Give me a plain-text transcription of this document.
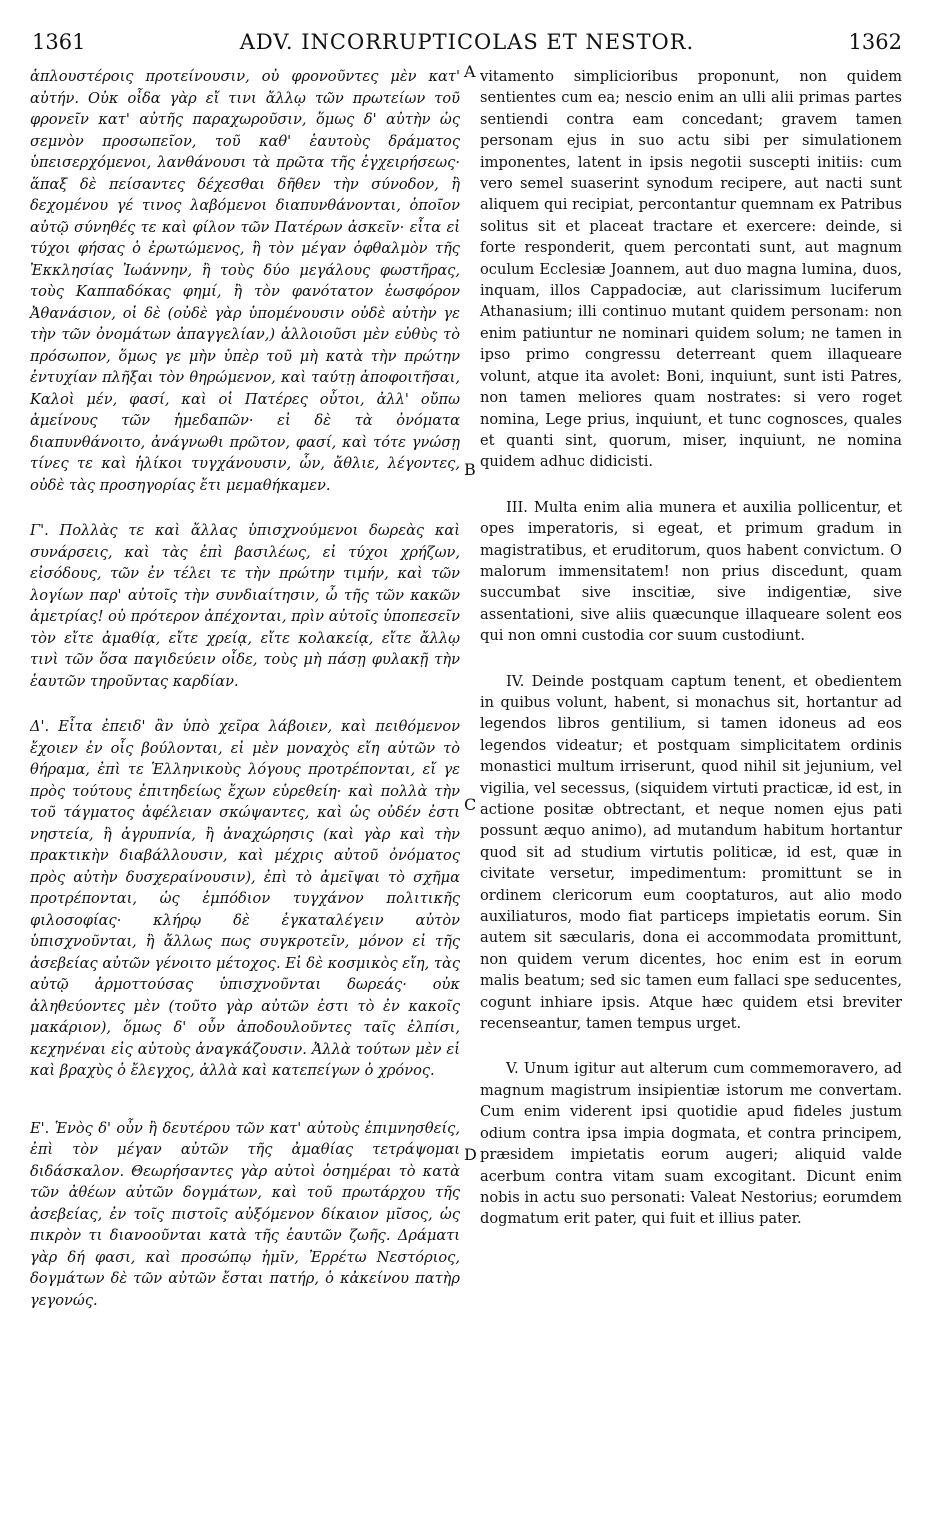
1361	ADV. INCORRUPTICOLAS ET NESTOR.	1362
A
B
C
D

ἁπλουστέροις προτείνουσιν, οὐ φρονοῦντες μὲν κατ' αὐτήν. Οὐκ οἶδα γὰρ εἴ τινι ἄλλῳ τῶν πρωτείων τοῦ φρονεῖν κατ' αὐτῆς παραχωροῦσιν, ὅμως δ' αὐτὴν ὡς σεμνὸν προσωπεῖον, τοῦ καθ' ἑαυτοὺς δράματος ὑπεισερχόμενοι, λανθάνουσι τὰ πρῶτα τῆς ἐγχειρήσεως· ἅπαξ δὲ πείσαντες δέχεσθαι δῆθεν τὴν σύνοδον, ἢ δεχομένου γέ τινος λαβόμενοι διαπυνθάνονται, ὁποῖον αὐτῷ σύνηθές τε καὶ φίλον τῶν Πατέρων ἀσκεῖν· εἶτα εἰ τύχοι φήσας ὁ ἐρωτώμενος, ἢ τὸν μέγαν ὀφθαλμὸν τῆς Ἐκκλησίας Ἰωάννην, ἢ τοὺς δύο μεγάλους φωστῆρας, τοὺς Καππαδόκας φημί, ἢ τὸν φανότατον ἑωσφόρον Ἀθανάσιον, οἱ δὲ (οὐδὲ γὰρ ὑπομένουσιν οὐδὲ αὐτὴν γε τὴν τῶν ὀνομάτων ἀπαγγελίαν,) ἀλλοιοῦσι μὲν εὐθὺς τὸ πρόσωπον, ὅμως γε μὴν ὑπὲρ τοῦ μὴ κατὰ τὴν πρώτην ἐντυχίαν πλῆξαι τὸν θηρώμενον, καὶ ταύτῃ ἀποφοιτῆσαι, Καλοὶ μέν, φασί, καὶ οἱ Πατέρες οὗτοι, ἀλλ' οὔπω ἀμείνους τῶν ἡμεδαπῶν· εἰ δὲ τὰ ὀνόματα διαπυνθάνοιτο, ἀνάγνωθι πρῶτον, φασί, καὶ τότε γνώσῃ τίνες τε καὶ ἡλίκοι τυγχάνουσιν, ὧν, ἄθλιε, λέγοντες, οὐδὲ τὰς προσηγορίας ἔτι μεμαθήκαμεν.

Γ'. Πολλὰς τε καὶ ἄλλας ὑπισχνούμενοι δωρεὰς καὶ συνάρσεις, καὶ τὰς ἐπὶ βασιλέως, εἰ τύχοι χρήζων, εἰσόδους, τῶν ἐν τέλει τε τὴν πρώτην τιμήν, καὶ τῶν λογίων παρ' αὐτοῖς τὴν συνδιαίτησιν, ὦ τῆς τῶν κακῶν ἀμετρίας! οὐ πρότερον ἀπέχονται, πρὶν αὐτοῖς ὑποπεσεῖν τὸν εἴτε ἀμαθίᾳ, εἴτε χρείᾳ, εἴτε κολακείᾳ, εἴτε ἄλλῳ τινὶ τῶν ὅσα παγιδεύειν οἶδε, τοὺς μὴ πάσῃ φυλακῇ τὴν ἑαυτῶν τηροῦντας καρδίαν.

Δ'. Εἶτα ἐπειδ' ἂν ὑπὸ χεῖρα λάβοιεν, καὶ πειθόμενον ἔχοιεν ἐν οἷς βούλονται, εἰ μὲν μοναχὸς εἴη αὐτῶν τὸ θήραμα, ἐπὶ τε Ἑλληνικοὺς λόγους προτρέπονται, εἴ γε πρὸς τούτους ἐπιτηδείως ἔχων εὑρεθείη· καὶ πολλὰ τὴν τοῦ τάγματος ἀφέλειαν σκώψαντες, καὶ ὡς οὐδέν ἐστι νηστεία, ἢ ἀγρυπνία, ἢ ἀναχώρησις (καὶ γὰρ καὶ τὴν πρακτικὴν διαβάλλουσιν, καὶ μέχρις αὐτοῦ ὀνόματος πρὸς αὐτὴν δυσχεραίνουσιν), ἐπὶ τὸ ἀμεῖψαι τὸ σχῆμα προτρέπονται, ὡς ἐμπόδιον τυγχάνον πολιτικῆς φιλοσοφίας· κλήρῳ δὲ ἐγκαταλέγειν αὐτὸν ὑπισχνοῦνται, ἢ ἄλλως πως συγκροτεῖν, μόνον εἰ τῆς ἀσεβείας αὐτῶν γένοιτο μέτοχος. Εἰ δὲ κοσμικὸς εἴη, τὰς αὐτῷ ἁρμοττούσας ὑπισχνοῦνται δωρεάς· οὐκ ἀληθεύοντες μὲν (τοῦτο γὰρ αὐτῶν ἐστι τὸ ἐν κακοῖς μακάριον), ὅμως δ' οὖν ἀποδουλοῦντες ταῖς ἐλπίσι, κεχηνέναι εἰς αὐτοὺς ἀναγκάζουσιν. Ἀλλὰ τούτων μὲν εἰ καὶ βραχὺς ὁ ἔλεγχος, ἀλλὰ καὶ κατεπείγων ὁ χρόνος.

Ε'. Ἑνὸς δ' οὖν ἢ δευτέρου τῶν κατ' αὐτοὺς ἐπιμνησθείς, ἐπὶ τὸν μέγαν αὐτῶν τῆς ἀμαθίας τετράψομαι διδάσκαλον. Θεωρήσαντες γὰρ αὐτοὶ ὁσημέραι τὸ κατὰ τῶν ἀθέων αὐτῶν δογμάτων, καὶ τοῦ πρωτάρχου τῆς ἀσεβείας, ἐν τοῖς πιστοῖς αὐξόμενον δίκαιον μῖσος, ὡς πικρὸν τι διανοοῦνται κατὰ τῆς ἑαυτῶν ζωῆς. Δράματι γὰρ δή φασι, καὶ προσώπῳ ἡμῖν, Ἐρρέτω Νεστόριος, δογμάτων δὲ τῶν αὐτῶν ἔσται πατήρ, ὁ κἀκείνου πατὴρ γεγονώς.

vitamento simplicioribus proponunt, non quidem sentientes cum ea; nescio enim an ulli alii primas partes sentiendi contra eam concedant; gravem tamen personam ejus in suo actu sibi per simulationem imponentes, latent in ipsis negotii suscepti initiis: cum vero semel suaserint synodum recipere, aut nacti sunt aliquem qui recipiat, percontantur quemnam ex Patribus solitus sit et placeat tractare et exercere: deinde, si forte responderit, quem percontati sunt, aut magnum oculum Ecclesiæ Joannem, aut duo magna lumina, duos, inquam, illos Cappadociæ, aut clarissimum luciferum Athanasium; illi continuo mutant quidem personam: non enim patiuntur ne nominari quidem solum; ne tamen in ipso primo congressu deterreant quem illaqueare volunt, atque ita avolet: Boni, inquiunt, sunt isti Patres, non tamen meliores quam nostrates: si vero roget nomina, Lege prius, inquiunt, et tunc cognosces, quales et quanti sint, quorum, miser, inquiunt, ne nomina quidem adhuc didicisti.

III. Multa enim alia munera et auxilia pollicentur, et opes imperatoris, si egeat, et primum gradum in magistratibus, et eruditorum, quos habent convictum. O malorum immensitatem! non prius discedunt, quam succumbat sive inscitiæ, sive indigentiæ, sive assentationi, sive aliis quæcunque illaqueare solent eos qui non omni custodia cor suum custodiunt.

IV. Deinde postquam captum tenent, et obedientem in quibus volunt, habent, si monachus sit, hortantur ad legendos libros gentilium, si tamen idoneus ad eos legendos videatur; et postquam simplicitatem ordinis monastici multum irriserunt, quod nihil sit jejunium, vel vigilia, vel secessus, (siquidem virtuti practicæ, id est, in actione positæ obtrectant, et neque nomen ejus pati possunt æquo animo), ad mutandum habitum hortantur quod sit ad studium virtutis politicæ, id est, quæ in civitate versetur, impedimentum: promittunt se in ordinem clericorum eum cooptaturos, aut alio modo auxiliaturos, modo fiat particeps impietatis eorum. Sin autem sit sæcularis, dona ei accommodata promittunt, non quidem verum dicentes, hoc enim est in eorum malis beatum; sed sic tamen eum fallaci spe seducentes, cogunt inhiare ipsis. Atque hæc quidem etsi breviter recenseantur, tamen tempus urget.

V. Unum igitur aut alterum cum commemoravero, ad magnum magistrum insipientiæ istorum me convertam. Cum enim viderent ipsi quotidie apud fideles justum odium contra ipsa impia dogmata, et contra principem, præsidem impietatis eorum augeri; aliquid valde acerbum contra vitam suam excogitant. Dicunt enim nobis in actu suo personati: Valeat Nestorius; eorumdem dogmatum erit pater, qui fuit et illius pater.
